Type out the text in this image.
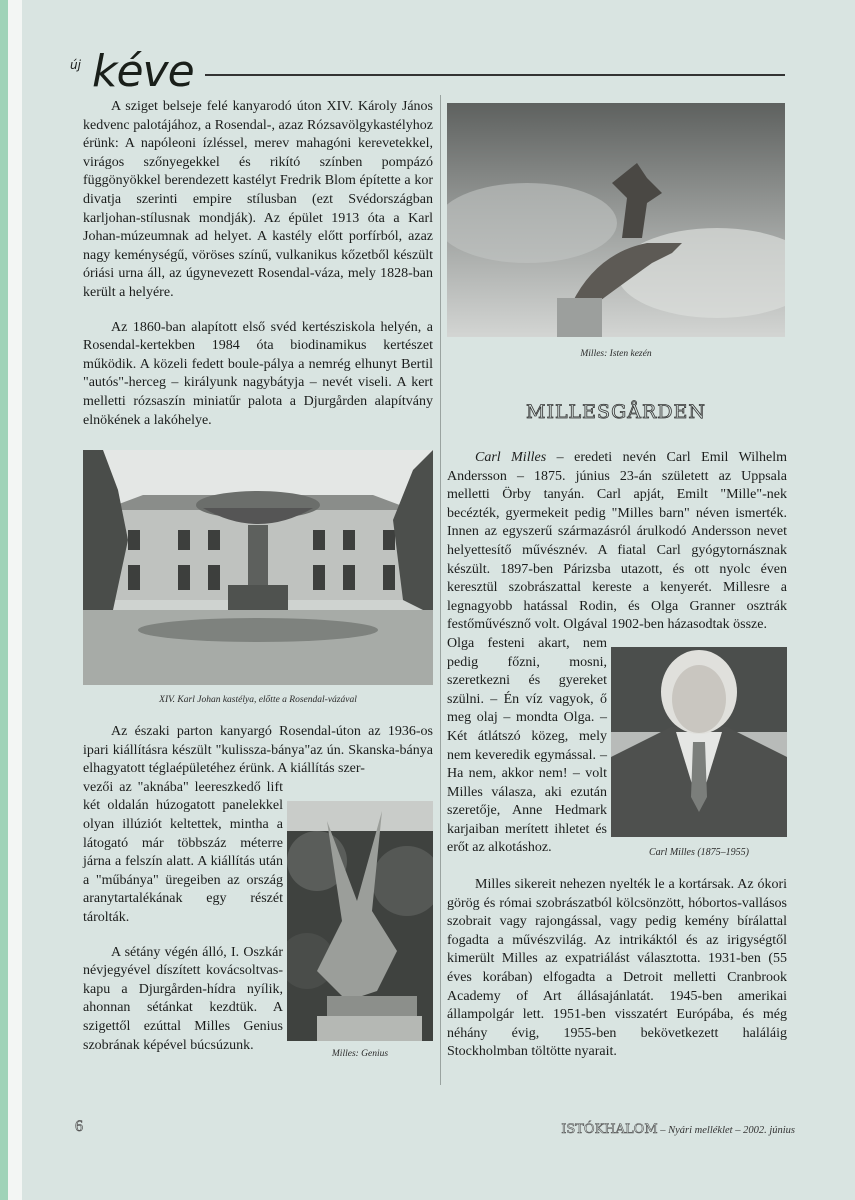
új kéve

A sziget belseje felé kanyarodó úton XIV. Károly János kedvenc palotájához, a Rosendal-, azaz Rózsavölgykastélyhoz érünk: A napóleoni ízléssel, merev mahagóni kerevetekkel, virágos szőnyegekkel és rikító színben pompázó függönyökkel berendezett kastélyt Fredrik Blom építette a kor divatja szerinti empire stílusban (ezt Svédországban karljohan-stílusnak mondják). Az épület 1913 óta a Karl Johan-múzeumnak ad helyet. A kastély előtt porfírból, azaz nagy keménységű, vöröses színű, vulkanikus kőzetből készült óriási urna áll, az úgynevezett Rosendal-váza, mely 1828-ban került a helyére.

Az 1860-ban alapított első svéd kertésziskola helyén, a Rosendal-kertekben 1984 óta biodinamikus kertészet működik. A közeli fedett boule-pálya a nemrég elhunyt Bertil "autós"-herceg – királyunk nagybátyja – nevét viseli. A kert melletti rózsaszín miniatűr palota a Djurgården alapítvány elnökének a lakóhelye.

XIV. Karl Johan kastélya, előtte a Rosendal-vázával

Az északi parton kanyargó Rosendal-úton az 1936-os ipari kiállításra készült "kulissza-bánya"az ún. Skanska-bánya elhagyatott téglaépületéhez érünk. A kiállítás szer-

vezői az "aknába" leereszkedő lift két oldalán húzogatott panelekkel olyan illúziót keltettek, mintha a látogató már többszáz méterre járna a felszín alatt. A kiállítás után a "műbánya" üregeiben az ország aranytartalékának egy részét tárolták.

A sétány végén álló, I. Oszkár névjegyével díszített kovácsoltvas-kapu a Djurgården-hídra nyílik, ahonnan sétánkat kezdtük. A szigettől ezúttal Milles Genius szobrának képével búcsúzunk.

Milles: Genius
Milles: Isten kezén
MILLESGÅRDEN

Carl Milles – eredeti nevén Carl Emil Wilhelm Andersson – 1875. június 23-án született az Uppsala melletti Örby tanyán. Carl apját, Emilt "Mille"-nek becézték, gyermekeit pedig "Milles barn" néven ismerték. Innen az egyszerű származásról árulkodó Andersson nevet helyettesítő művésznév. A fiatal Carl gyógytornásznak készült. 1897-ben Párizsba utazott, és ott nyolc éven keresztül szobrászattal kereste a kenyerét. Millesre a legnagyobb hatással Rodin, és Olga Granner osztrák festőművésznő volt. Olgával 1902-ben házasodtak össze.

Olga festeni akart, nem pedig főzni, mosni, szeretkezni és gyereket szülni. – Én víz vagyok, ő meg olaj – mondta Olga. – Két átlátszó közeg, mely nem keveredik egymással. – Ha nem, akkor nem! – volt Milles válasza, aki ezután szeretője, Anne Hedmark karjaiban merített ihletet és erőt az alkotáshoz.	Carl Milles (1875–1955)

Milles sikereit nehezen nyelték le a kortársak. Az ókori görög és római szobrászatból kölcsönzött, hóbortos-vallásos szobrait vagy rajongással, vagy pedig kemény bírálattal fogadta a művészvilág. Az intrikáktól és az irigységtől kimerült Milles az expatriálást választotta. 1931-ben (55 éves korában) elfogadta a Detroit melletti Cranbrook Academy of Art állásajánlatát. 1945-ben amerikai állampolgár lett. 1951-ben visszatért Európába, és még néhány évig, 1955-ben bekövetkezett haláláig Stockholmban töltötte nyarait.

6	ISTÓKHALOM – Nyári melléklet – 2002. június
